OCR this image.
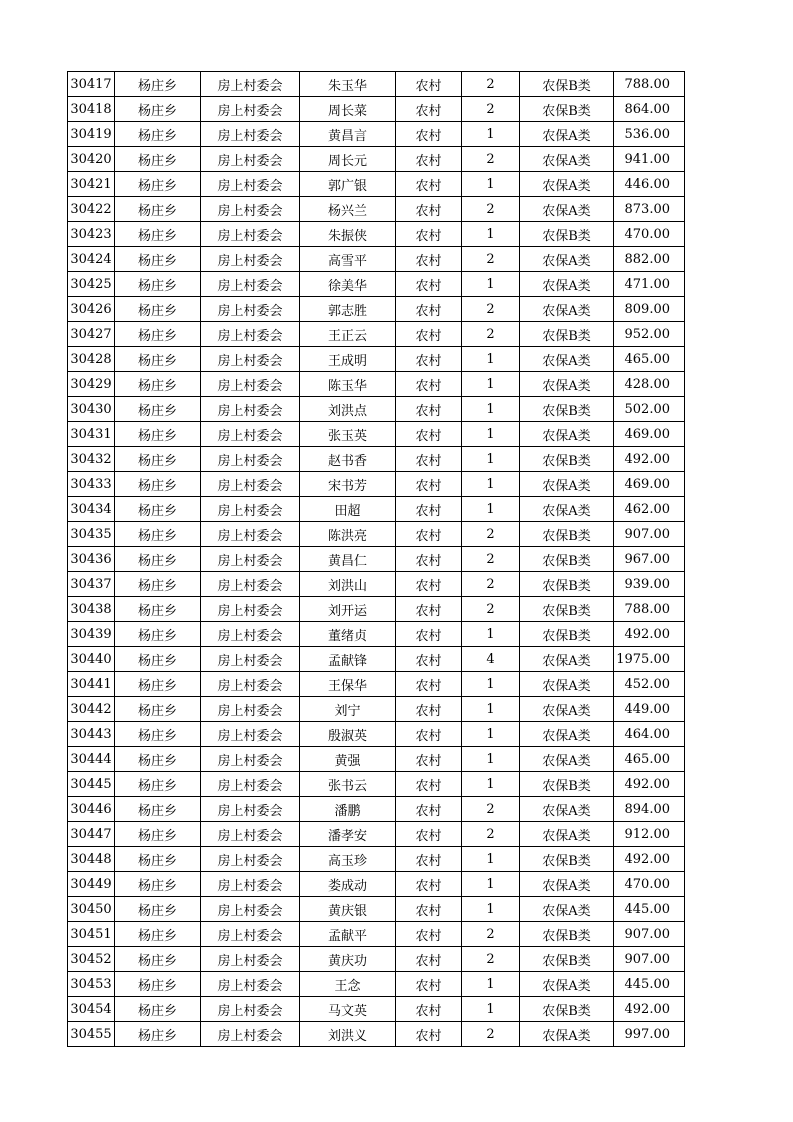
30417	杨庄乡	房上村委会	朱玉华	农村	2	农保B类	788.00
30418	杨庄乡	房上村委会	周长菜	农村	2	农保B类	864.00
30419	杨庄乡	房上村委会	黄昌言	农村	1	农保A类	536.00
30420	杨庄乡	房上村委会	周长元	农村	2	农保A类	941.00
30421	杨庄乡	房上村委会	郭广银	农村	1	农保A类	446.00
30422	杨庄乡	房上村委会	杨兴兰	农村	2	农保A类	873.00
30423	杨庄乡	房上村委会	朱振侠	农村	1	农保B类	470.00
30424	杨庄乡	房上村委会	高雪平	农村	2	农保A类	882.00
30425	杨庄乡	房上村委会	徐美华	农村	1	农保A类	471.00
30426	杨庄乡	房上村委会	郭志胜	农村	2	农保A类	809.00
30427	杨庄乡	房上村委会	王正云	农村	2	农保B类	952.00
30428	杨庄乡	房上村委会	王成明	农村	1	农保A类	465.00
30429	杨庄乡	房上村委会	陈玉华	农村	1	农保A类	428.00
30430	杨庄乡	房上村委会	刘洪点	农村	1	农保B类	502.00
30431	杨庄乡	房上村委会	张玉英	农村	1	农保A类	469.00
30432	杨庄乡	房上村委会	赵书香	农村	1	农保B类	492.00
30433	杨庄乡	房上村委会	宋书芳	农村	1	农保A类	469.00
30434	杨庄乡	房上村委会	田超	农村	1	农保A类	462.00
30435	杨庄乡	房上村委会	陈洪亮	农村	2	农保B类	907.00
30436	杨庄乡	房上村委会	黄昌仁	农村	2	农保B类	967.00
30437	杨庄乡	房上村委会	刘洪山	农村	2	农保B类	939.00
30438	杨庄乡	房上村委会	刘开运	农村	2	农保B类	788.00
30439	杨庄乡	房上村委会	董绪贞	农村	1	农保B类	492.00
30440	杨庄乡	房上村委会	孟献锋	农村	4	农保A类	1975.00
30441	杨庄乡	房上村委会	王保华	农村	1	农保A类	452.00
30442	杨庄乡	房上村委会	刘宁	农村	1	农保A类	449.00
30443	杨庄乡	房上村委会	殷淑英	农村	1	农保A类	464.00
30444	杨庄乡	房上村委会	黄强	农村	1	农保A类	465.00
30445	杨庄乡	房上村委会	张书云	农村	1	农保B类	492.00
30446	杨庄乡	房上村委会	潘鹏	农村	2	农保A类	894.00
30447	杨庄乡	房上村委会	潘孝安	农村	2	农保A类	912.00
30448	杨庄乡	房上村委会	高玉珍	农村	1	农保B类	492.00
30449	杨庄乡	房上村委会	娄成动	农村	1	农保A类	470.00
30450	杨庄乡	房上村委会	黄庆银	农村	1	农保A类	445.00
30451	杨庄乡	房上村委会	孟献平	农村	2	农保B类	907.00
30452	杨庄乡	房上村委会	黄庆功	农村	2	农保B类	907.00
30453	杨庄乡	房上村委会	王念	农村	1	农保A类	445.00
30454	杨庄乡	房上村委会	马文英	农村	1	农保B类	492.00
30455	杨庄乡	房上村委会	刘洪义	农村	2	农保A类	997.00
